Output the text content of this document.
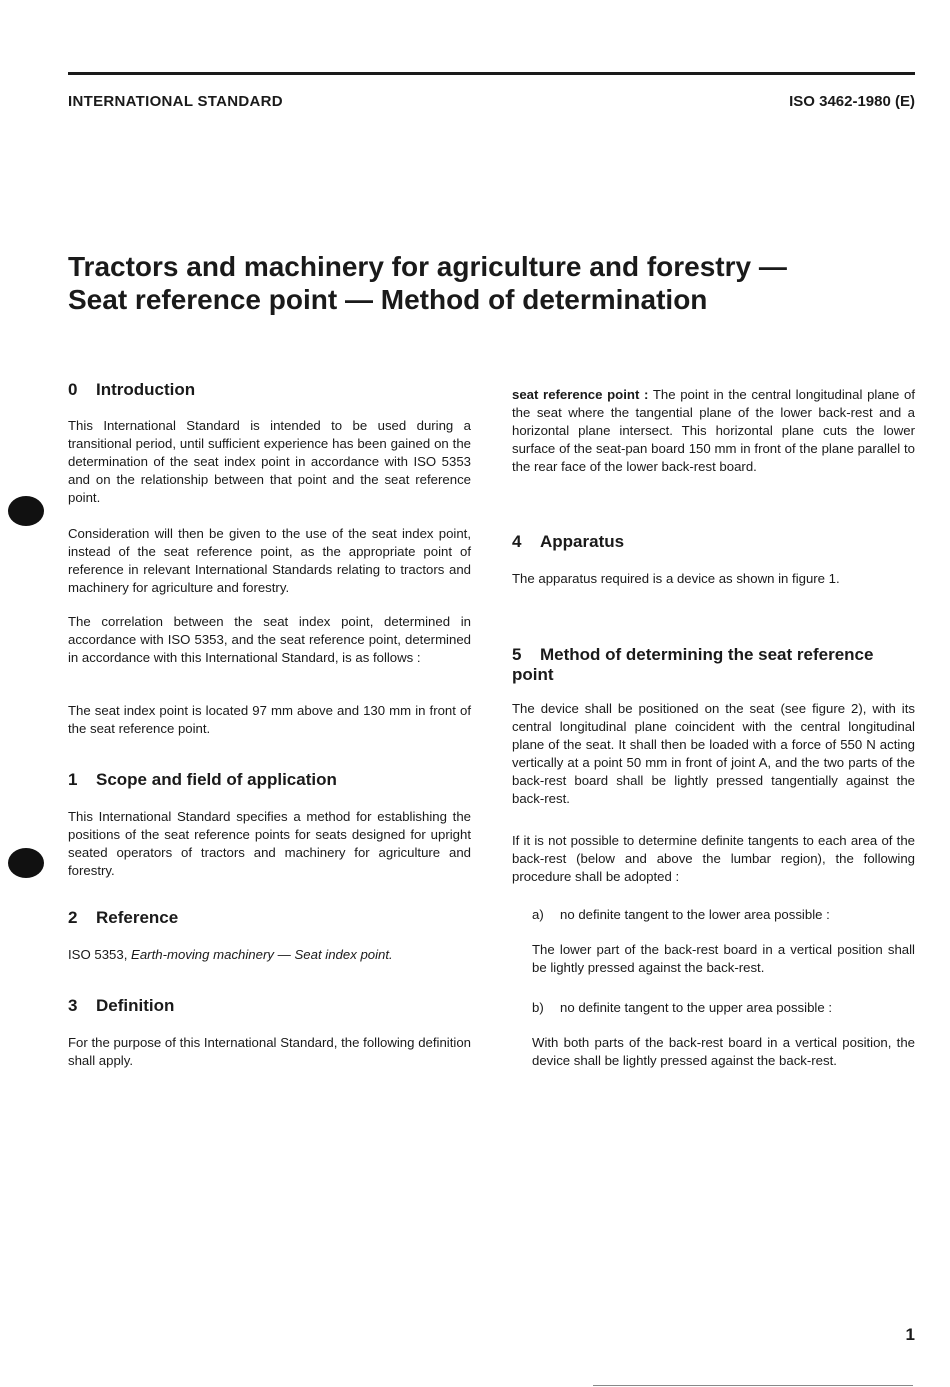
INTERNATIONAL STANDARD	ISO 3462-1980 (E)
Tractors and machinery for agriculture and forestry —
Seat reference point — Method of determination
0 Introduction

This International Standard is intended to be used during a transitional period, until sufficient experience has been gained on the determination of the seat index point in accordance with ISO 5353 and on the relationship between that point and the seat reference point.

Consideration will then be given to the use of the seat index point, instead of the seat reference point, as the appropriate point of reference in relevant International Standards relating to tractors and machinery for agriculture and forestry.

The correlation between the seat index point, determined in accordance with ISO 5353, and the seat reference point, determined in accordance with this International Standard, is as follows :

The seat index point is located 97 mm above and 130 mm in front of the seat reference point.

1 Scope and field of application

This International Standard specifies a method for establishing the positions of the seat reference points for seats designed for upright seated operators of tractors and machinery for agriculture and forestry.

2 Reference

ISO 5353, Earth-moving machinery — Seat index point.

3 Definition

For the purpose of this International Standard, the following definition shall apply.

seat reference point : The point in the central longitudinal plane of the seat where the tangential plane of the lower back-rest and a horizontal plane intersect. This horizontal plane cuts the lower surface of the seat-pan board 150 mm in front of the plane parallel to the rear face of the lower back-rest board.

4 Apparatus

The apparatus required is a device as shown in figure 1.

5 Method of determining the seat reference
point

The device shall be positioned on the seat (see figure 2), with its central longitudinal plane coincident with the central longitudinal plane of the seat. It shall then be loaded with a force of 550 N acting vertically at a point 50 mm in front of joint A, and the two parts of the back-rest board shall be lightly pressed tangentially against the back-rest.

If it is not possible to determine definite tangents to each area of the back-rest (below and above the lumbar region), the following procedure shall be adopted :

a) no definite tangent to the lower area possible :

The lower part of the back-rest board in a vertical position shall be lightly pressed against the back-rest.

b) no definite tangent to the upper area possible :

With both parts of the back-rest board in a vertical position, the device shall be lightly pressed against the back-rest.

1
